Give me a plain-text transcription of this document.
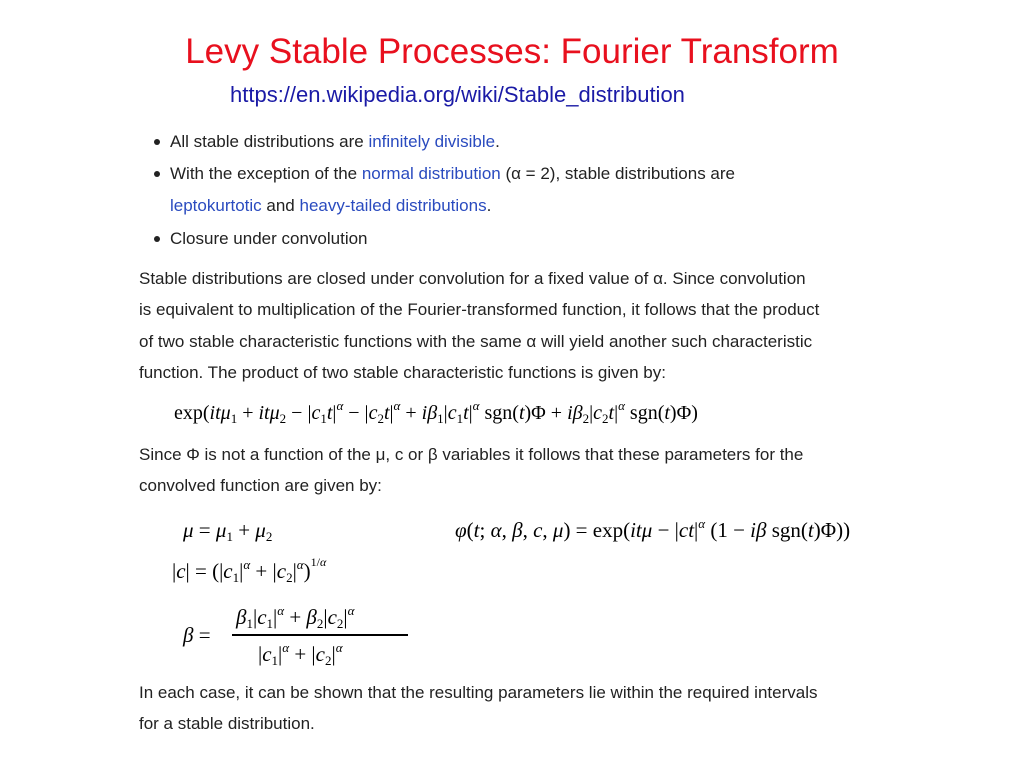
Levy Stable Processes: Fourier Transform
https://en.wikipedia.org/wiki/Stable_distribution
All stable distributions are infinitely divisible.
With the exception of the normal distribution (α = 2), stable distributions are
leptokurtotic and heavy-tailed distributions.
Closure under convolution
Stable distributions are closed under convolution for a fixed value of α. Since convolution
is equivalent to multiplication of the Fourier-transformed function, it follows that the product
of two stable characteristic functions with the same α will yield another such characteristic
function. The product of two stable characteristic functions is given by:
$\exp(it\mu_1 + it\mu_2 - |c_1t|^\alpha - |c_2t|^\alpha + i\beta_1|c_1t|^\alpha$ $sgn(t)\Phi + i\beta_2|c_2t|^\alpha$ sgn(t)Φ)
Since Φ is not a function of the μ, c or β variables it follows that these parameters for the
convolved function are given by:
$\mu = \mu_1 + \mu_2$	φ(t; α, β, c, $\mu) = \exp(it\mu - |ct|^\alpha$ (1 − iβ sgn(t)Φ))
$|c| = (|c_1|^\alpha + |c_2|^\alpha)^{1/\alpha}$
β =
$\beta_1|c_1|^\alpha + \beta_2|c_2|^\alpha$
$|c_1|^\alpha + |c_2|^\alpha$
In each case, it can be shown that the resulting parameters lie within the required intervals
for a stable distribution.
